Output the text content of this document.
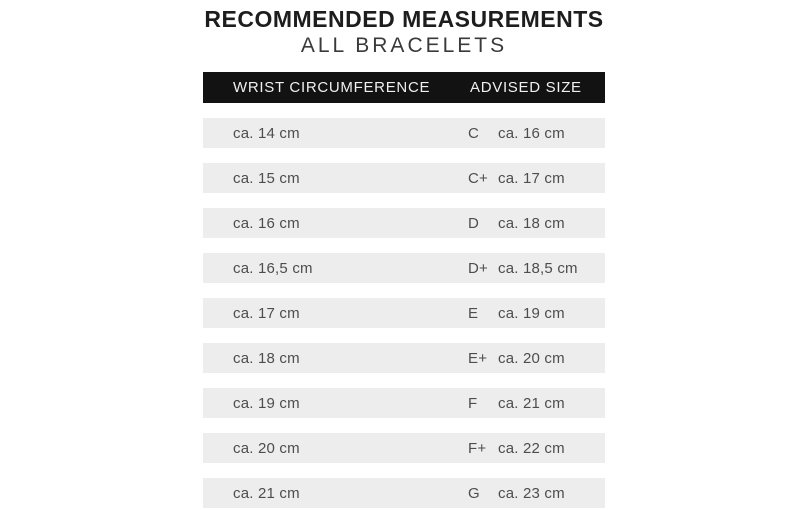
RECOMMENDED MEASUREMENTS
ALL BRACELETS
WRIST CIRCUMFERENCE	ADVISED SIZE
ca. 14 cm	C	ca. 16 cm
ca. 15 cm	C+ ca. 17 cm
ca. 16 cm	D	ca. 18 cm
ca. 16,5 cm	D+ ca. 18,5 cm
ca. 17 cm	E	ca. 19 cm
ca. 18 cm	E+ ca. 20 cm
ca. 19 cm	F	ca. 21 cm
ca. 20 cm	F+ ca. 22 cm
ca. 21 cm	G	ca. 23 cm
